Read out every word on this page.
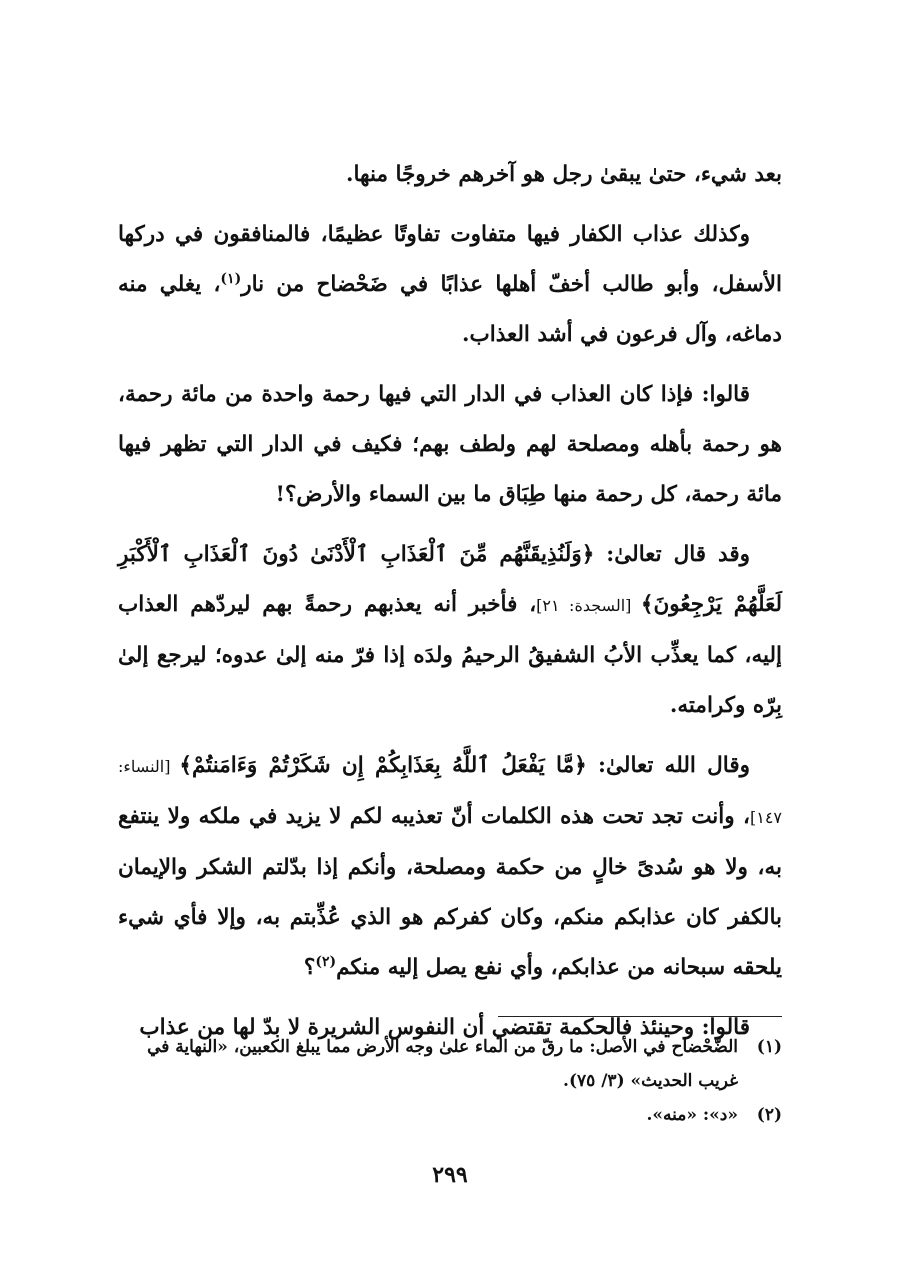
بعد شيء، حتىٰ يبقىٰ رجل هو آخرهم خروجًا منها.

وكذلك عذاب الكفار فيها متفاوت تفاوتًا عظيمًا، فالمنافقون في دركها الأسفل، وأبو طالب أخفّ أهلها عذابًا في ضَحْضاح من نار$^{(١)}$، يغلي منه دماغه، وآل فرعون في أشد العذاب.

قالوا: فإذا كان العذاب في الدار التي فيها رحمة واحدة من مائة رحمة، هو رحمة بأهله ومصلحة لهم ولطف بهم؛ فكيف في الدار التي تظهر فيها مائة رحمة، كل رحمة منها طِبَاق ما بين السماء والأرض؟!

وقد قال تعالىٰ: ﴿وَلَنُذِيقَنَّهُم مِّنَ ٱلْعَذَابِ ٱلْأَدْنَىٰ دُونَ ٱلْعَذَابِ ٱلْأَكْبَرِ لَعَلَّهُمْ يَرْجِعُونَ﴾ [السجدة: ٢١]، فأخبر أنه يعذبهم رحمةً بهم ليردّهم العذاب إليه، كما يعذِّب الأبُ الشفيقُ الرحيمُ ولدَه إذا فرّ منه إلىٰ عدوه؛ ليرجع إلىٰ بِرّه وكرامته.

وقال الله تعالىٰ: ﴿مَّا يَفْعَلُ ٱللَّهُ بِعَذَابِكُمْ إِن شَكَرْتُمْ وَءَامَنتُمْ﴾ [النساء: ١٤٧]، وأنت تجد تحت هذه الكلمات أنّ تعذيبه لكم لا يزيد في ملكه ولا ينتفع به، ولا هو سُدىً خالٍ من حكمة ومصلحة، وأنكم إذا بدّلتم الشكر والإيمان بالكفر كان عذابكم منكم، وكان كفركم هو الذي عُذِّبتم به، وإلا فأي شيء يلحقه سبحانه من عذابكم، وأي نفع يصل إليه منكم$^{(٢)}$؟

قالوا: وحينئذ فالحكمة تقتضي أن النفوس الشريرة لا بدّ لها من عذاب

(١)
الضَّحْضاح في الأصل: ما رقّ من الماء علىٰ وجه الأرض مما يبلغ الكعبين، «النهاية في غريب الحديث» (٣/ ٧٥).

(٢)
«د»: «منه».

٢٩٩
